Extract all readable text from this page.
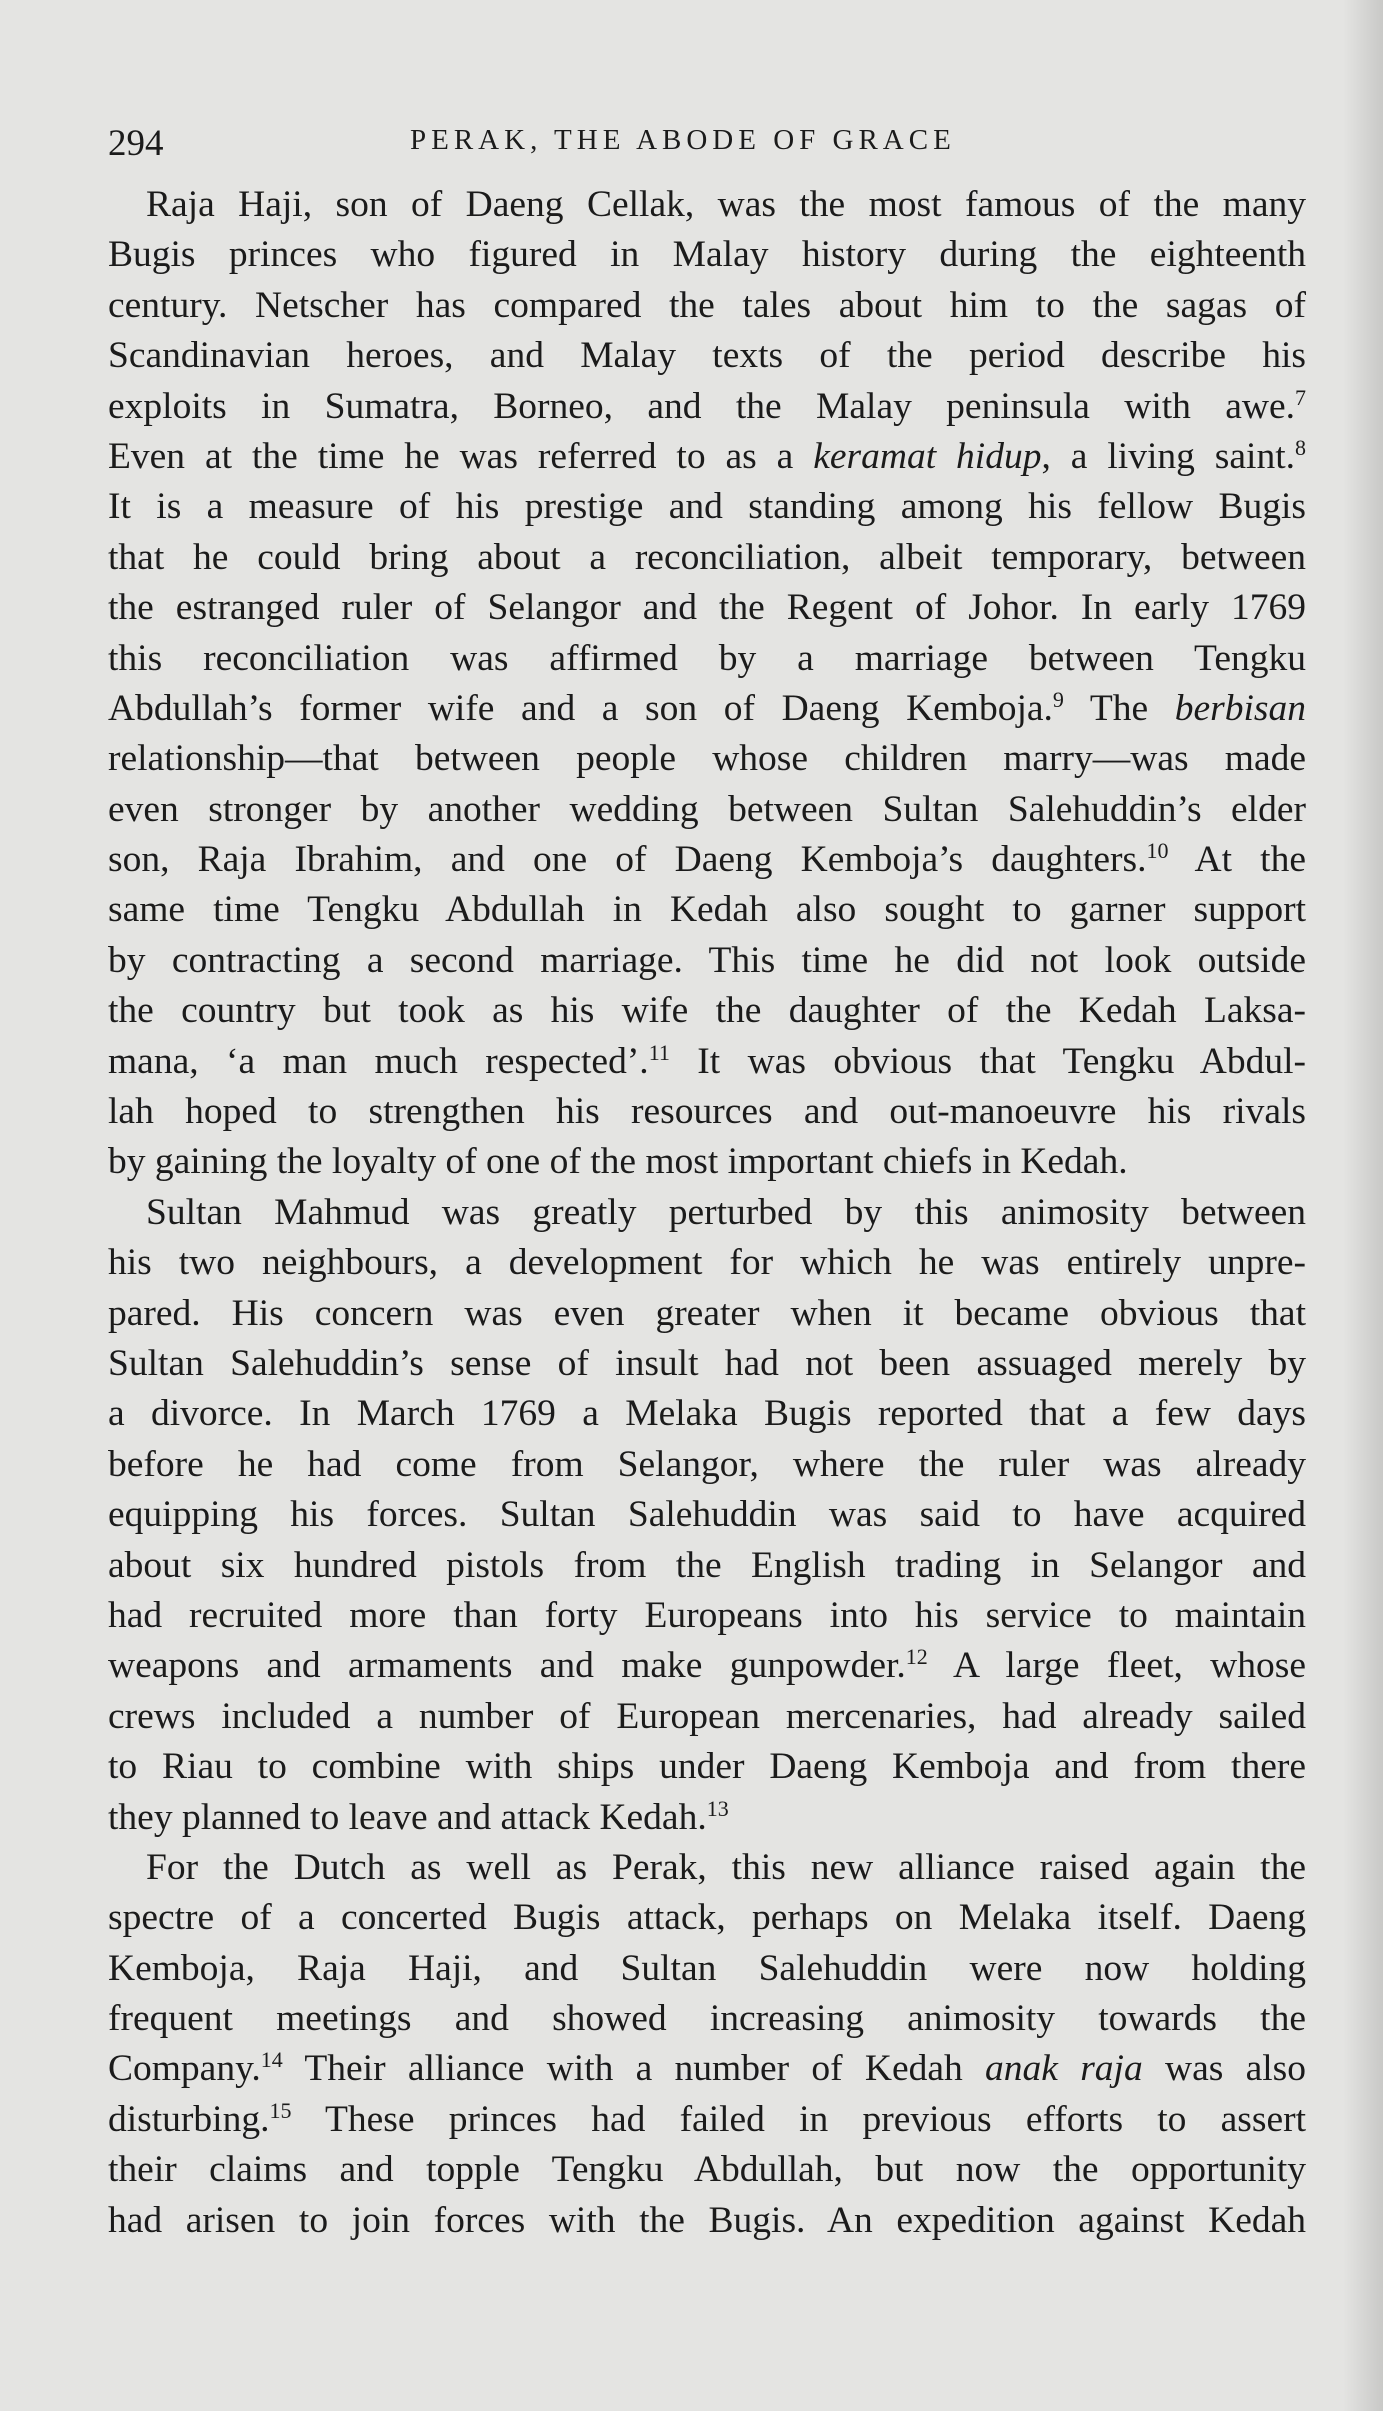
294	PERAK, THE ABODE OF GRACE
Raja Haji, son of Daeng Cellak, was the most famous of the many
Bugis princes who figured in Malay history during the eighteenth
century. Netscher has compared the tales about him to the sagas of
Scandinavian heroes, and Malay texts of the period describe his
exploits in Sumatra, Borneo, and the Malay peninsula with awe.$^7$
Even at the time he was referred to as a keramat hidup, a living saint.$^8$
It is a measure of his prestige and standing among his fellow Bugis
that he could bring about a reconciliation, albeit temporary, between
the estranged ruler of Selangor and the Regent of Johor. In early 1769
this reconciliation was affirmed by a marriage between Tengku
Abdullah’s former wife and a son of Daeng Kemboja.$^9$ The berbisan
relationship—that between people whose children marry—was made
even stronger by another wedding between Sultan Salehuddin’s elder
son, Raja Ibrahim, and one of Daeng Kemboja’s daughters.$^{10}$ At the
same time Tengku Abdullah in Kedah also sought to garner support
by contracting a second marriage. This time he did not look outside
the country but took as his wife the daughter of the Kedah Laksa-
mana, ‘a man much respected’.$^{11}$ It was obvious that Tengku Abdul-
lah hoped to strengthen his resources and out-manoeuvre his rivals
by gaining the loyalty of one of the most important chiefs in Kedah.
Sultan Mahmud was greatly perturbed by this animosity between
his two neighbours, a development for which he was entirely unpre-
pared. His concern was even greater when it became obvious that
Sultan Salehuddin’s sense of insult had not been assuaged merely by
a divorce. In March 1769 a Melaka Bugis reported that a few days
before he had come from Selangor, where the ruler was already
equipping his forces. Sultan Salehuddin was said to have acquired
about six hundred pistols from the English trading in Selangor and
had recruited more than forty Europeans into his service to maintain
weapons and armaments and make gunpowder.$^{12}$ A large fleet, whose
crews included a number of European mercenaries, had already sailed
to Riau to combine with ships under Daeng Kemboja and from there
they planned to leave and attack Kedah.$^{13}$
For the Dutch as well as Perak, this new alliance raised again the
spectre of a concerted Bugis attack, perhaps on Melaka itself. Daeng
Kemboja, Raja Haji, and Sultan Salehuddin were now holding
frequent meetings and showed increasing animosity towards the
Company.$^{14}$ Their alliance with a number of Kedah anak raja was also
disturbing.$^{15}$ These princes had failed in previous efforts to assert
their claims and topple Tengku Abdullah, but now the opportunity
had arisen to join forces with the Bugis. An expedition against Kedah
